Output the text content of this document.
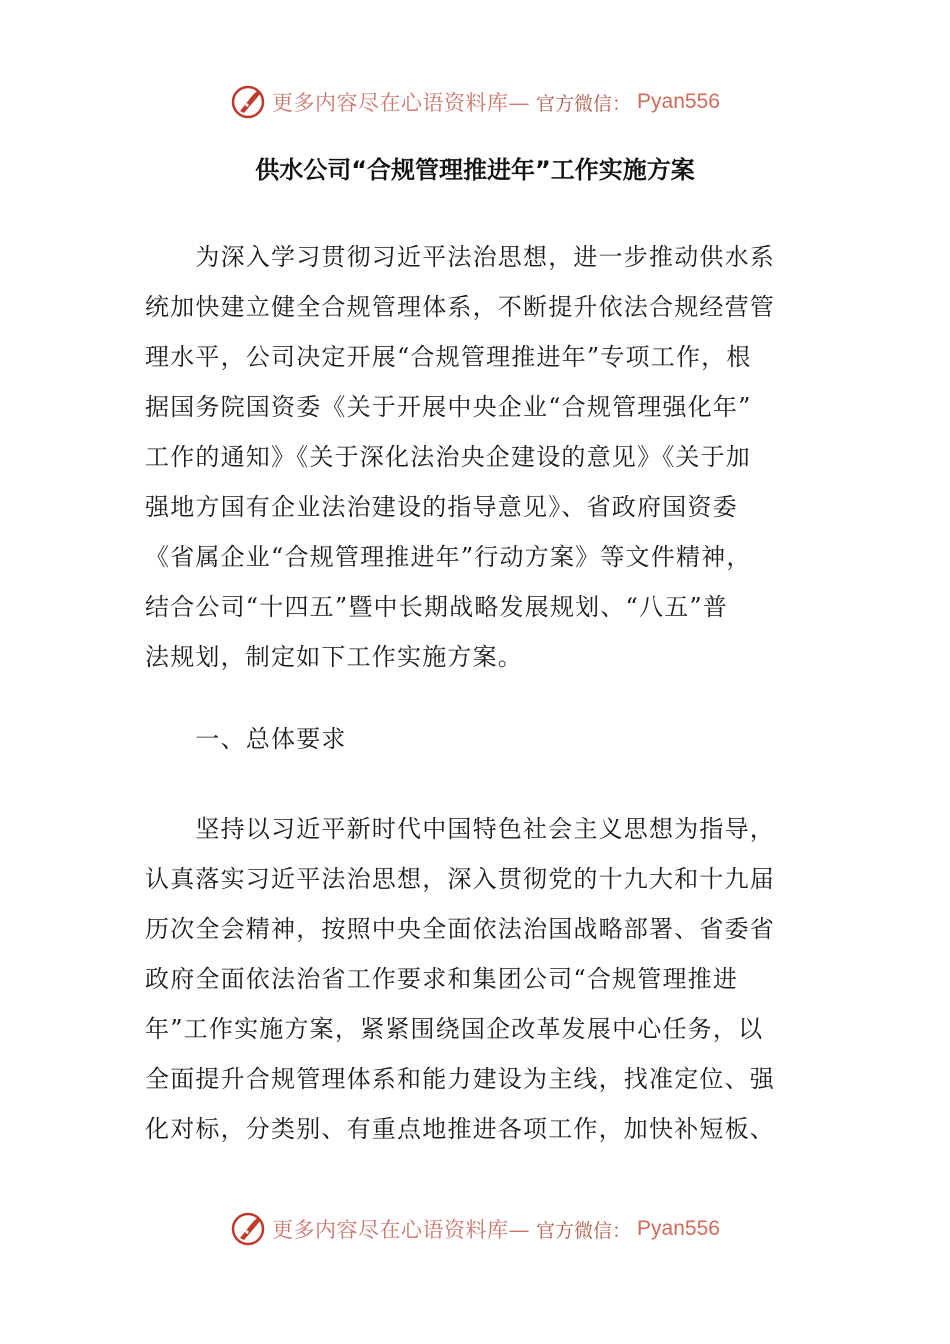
更多内容尽在心语资料库— 官方微信： Pyan556
供水公司“合规管理推进年”工作实施方案
　　为深入学习贯彻习近平法治思想，进一步推动供水系
统加快建立健全合规管理体系，不断提升依法合规经营管
理水平，公司决定开展“合规管理推进年”专项工作，根
据国务院国资委《关于开展中央企业“合规管理强化年”
工作的通知》《关于深化法治央企建设的意见》《关于加
强地方国有企业法治建设的指导意见》、省政府国资委
《省属企业“合规管理推进年”行动方案》等文件精神，
结合公司“十四五”暨中长期战略发展规划、“八五”普
法规划，制定如下工作实施方案。
　　一、总体要求
　　坚持以习近平新时代中国特色社会主义思想为指导，
认真落实习近平法治思想，深入贯彻党的十九大和十九届
历次全会精神，按照中央全面依法治国战略部署、省委省
政府全面依法治省工作要求和集团公司“合规管理推进
年”工作实施方案，紧紧围绕国企改革发展中心任务，以
全面提升合规管理体系和能力建设为主线，找准定位、强
化对标，分类别、有重点地推进各项工作，加快补短板、
更多内容尽在心语资料库— 官方微信： Pyan556
